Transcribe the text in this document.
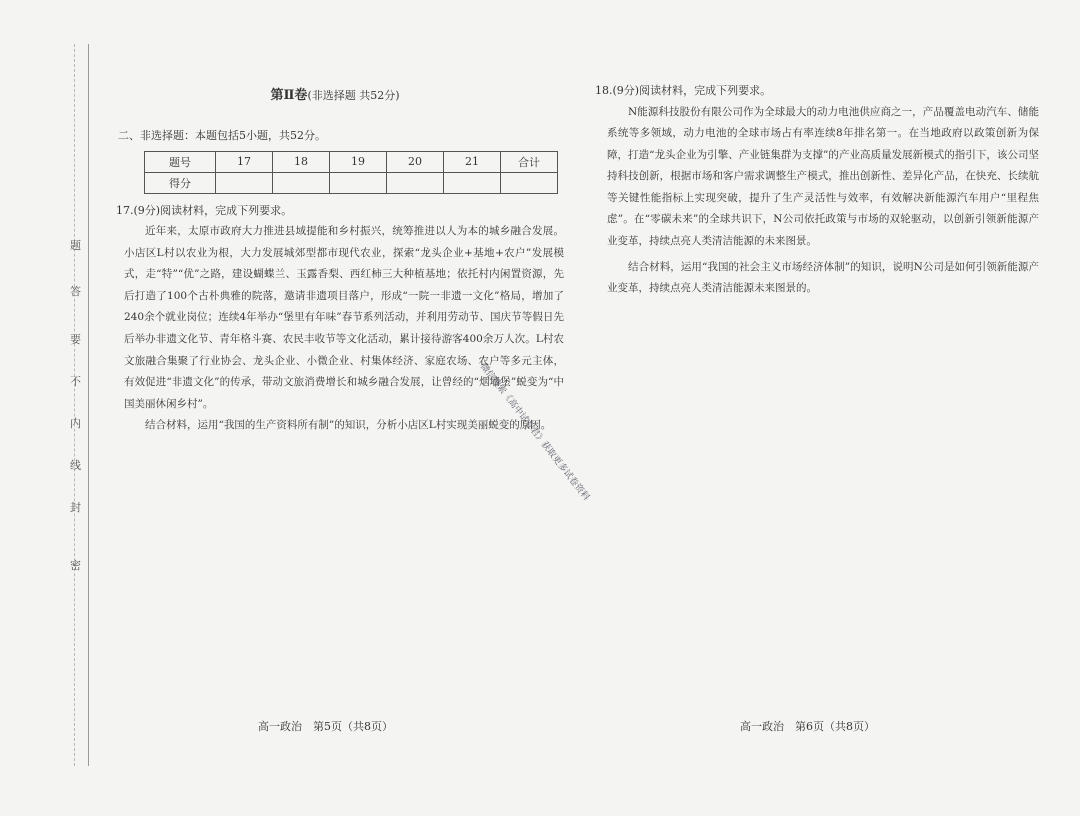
密
封
线
内
不
要
答
题
第Ⅱ卷(非选择题 共52分)

二、非选择题：本题包括5小题，共52分。

题号	17	18	19	20	21	合计
得分						

17.(9分)阅读材料，完成下列要求。

近年来，太原市政府大力推进县域提能和乡村振兴，统筹推进以人为本的城乡融合发展。小店区L村以农业为根，大力发展城郊型都市现代农业，探索“龙头企业+基地+农户”发展模式，走“特”“优”之路，建设蝴蝶兰、玉露香梨、西红柿三大种植基地；依托村内闲置资源，先后打造了100个古朴典雅的院落，邀请非遗项目落户，形成“一院一非遗一文化”格局，增加了240余个就业岗位；连续4年举办“堡里有年味”春节系列活动，并利用劳动节、国庆节等假日先后举办非遗文化节、青年格斗赛、农民丰收节等文化活动，累计接待游客400余万人次。L村农文旅融合集聚了行业协会、龙头企业、小微企业、村集体经济、家庭农场、农户等多元主体，有效促进“非遗文化”的传承，带动文旅消费增长和城乡融合发展，让曾经的“烟墙堡”蜕变为“中国美丽休闲乡村”。

结合材料，运用“我国的生产资料所有制”的知识，分析小店区L村实现美丽蜕变的原因。

微信搜索《高中试卷君》获取更多试卷资料

18.(9分)阅读材料，完成下列要求。

N能源科技股份有限公司作为全球最大的动力电池供应商之一，产品覆盖电动汽车、储能系统等多领域，动力电池的全球市场占有率连续8年排名第一。在当地政府以政策创新为保障，打造“龙头企业为引擎、产业链集群为支撑”的产业高质量发展新模式的指引下，该公司坚持科技创新，根据市场和客户需求调整生产模式，推出创新性、差异化产品，在快充、长续航等关键性能指标上实现突破，提升了生产灵活性与效率，有效解决新能源汽车用户“里程焦虑”。在“零碳未来”的全球共识下，N公司依托政策与市场的双轮驱动，以创新引领新能源产业变革，持续点亮人类清洁能源的未来图景。

结合材料，运用“我国的社会主义市场经济体制”的知识，说明N公司是如何引领新能源产业变革，持续点亮人类清洁能源未来图景的。

高一政治　第5页（共8页）	高一政治　第6页（共8页）
